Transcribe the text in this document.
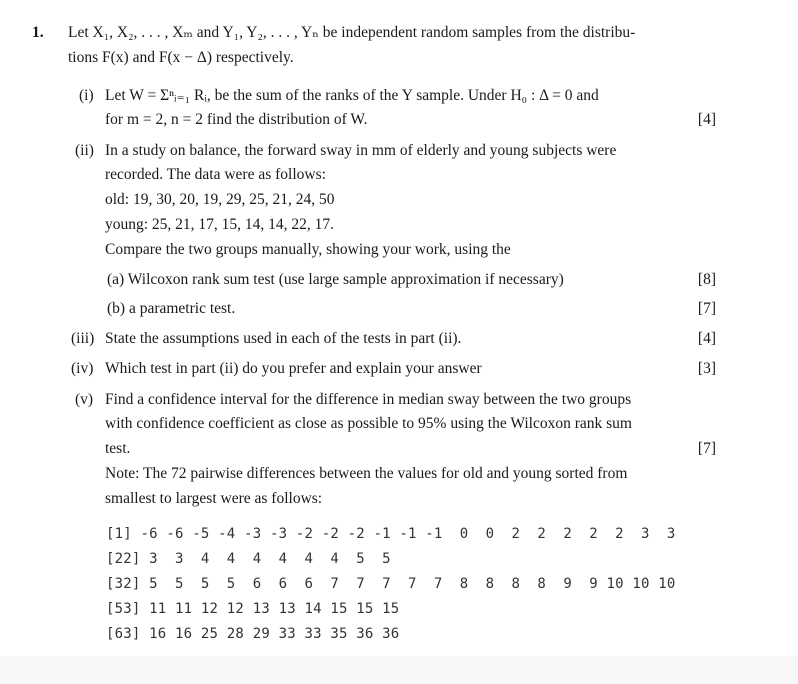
1. Let X₁, X₂, . . . , Xₘ and Y₁, Y₂, . . . , Yₙ be independent random samples from the distribu-
tions F(x) and F(x − Δ) respectively.
(i) Let W = Σⁿᵢ₌₁ Rᵢ, be the sum of the ranks of the Y sample. Under H₀ : Δ = 0 and
for m = 2, n = 2 find the distribution of W.	[4]
(ii) In a study on balance, the forward sway in mm of elderly and young subjects were
recorded. The data were as follows:
old: 19, 30, 20, 19, 29, 25, 21, 24, 50
young: 25, 21, 17, 15, 14, 14, 22, 17.
Compare the two groups manually, showing your work, using the
(a) Wilcoxon rank sum test (use large sample approximation if necessary)	[8]
(b) a parametric test.	[7]
(iii) State the assumptions used in each of the tests in part (ii).	[4]
(iv) Which test in part (ii) do you prefer and explain your answer	[3]
(v) Find a confidence interval for the difference in median sway between the two groups
with confidence coefficient as close as possible to 95% using the Wilcoxon rank sum
test.	[7]
Note: The 72 pairwise differences between the values for old and young sorted from
smallest to largest were as follows:
[1] -6 -6 -5 -4 -3 -3 -2 -2 -2 -1 -1 -1  0  0  2  2  2  2  2  3  3
[22] 3  3  4  4  4  4  4  4  5  5
[32] 5  5  5  5  6  6  6  7  7  7  7  7  8  8  8  8  9  9 10 10 10
[53] 11 11 12 12 13 13 14 15 15 15
[63] 16 16 25 28 29 33 33 35 36 36
